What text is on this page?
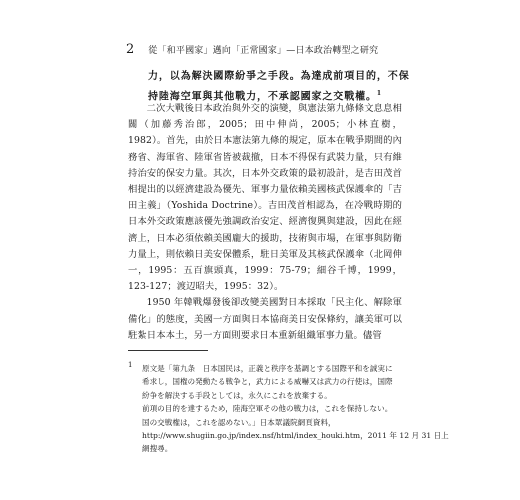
2 從「和平國家」邁向「正常國家」—日本政治轉型之研究
力，以為解決國際紛爭之手段。為達成前項目的，不保
持陸海空軍與其他戰力，不承認國家之交戰權。$^1$

二次大戰後日本政治與外交的演變，與憲法第九條條文息息相關（加藤秀治郎，2005；田中伸尚，2005；小林直樹，1982）。首先，由於日本憲法第九條的規定，原本在戰爭期間的內務省、海軍省、陸軍省皆被裁撤，日本不得保有武裝力量，只有維持治安的保安力量。其次，日本外交政策的最初設計，是吉田茂首相提出的以經濟建設為優先、軍事力量依賴美國核武保護傘的「吉田主義」（Yoshida Doctrine）。吉田茂首相認為，在冷戰時期的日本外交政策應該優先強調政治安定、經濟復興與建設，因此在經濟上，日本必須依賴美國龐大的援助，技術與市場，在軍事與防衛力量上，則依賴日美安保體系，駐日美軍及其核武保護傘（北岡伸一，1995：五百旗頭真，1999：75-79；細谷千博，1999，123-127；渡辺昭夫，1995：32）。

1950 年韓戰爆發後卻改變美國對日本採取「民主化、解除軍備化」的態度，美國一方面與日本協商美日安保條約，讓美軍可以駐紮日本本土，另一方面則要求日本重新組織軍事力量。儘管

1 原文是「第九条　日本国民は，正義と秩序を基調とする国際平和を誠実に
希求し，国権の発動たる戦争と，武力による威嚇又は武力の行使は，国際
紛争を解決する手段としては，永久にこれを放棄する。
前項の目的を達するため，陸海空軍その他の戦力は，これを保持しない。
国の交戦権は，これを認めない。」日本眾議院網頁資料，
http://www.shugiin.go.jp/index.nsf/html/index_houki.htm，2011 年 12 月 31 日上
網搜尋。
